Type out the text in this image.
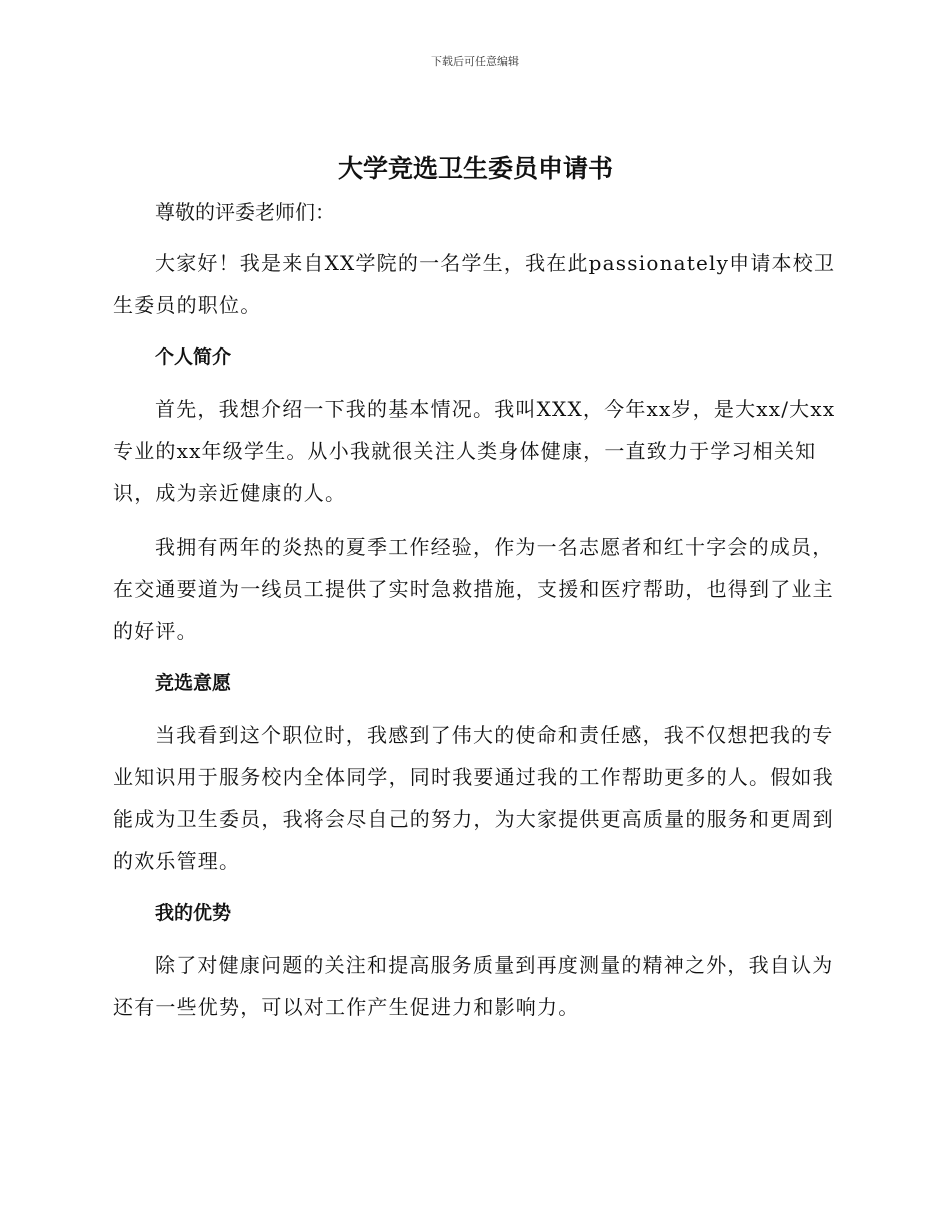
下载后可任意编辑
大学竞选卫生委员申请书

尊敬的评委老师们：

大家好！我是来自XX学院的一名学生，我在此passionately申请本校卫生委员的职位。

个人简介

首先，我想介绍一下我的基本情况。我叫XXX，今年xx岁，是大xx/大xx专业的xx年级学生。从小我就很关注人类身体健康，一直致力于学习相关知识，成为亲近健康的人。

我拥有两年的炎热的夏季工作经验，作为一名志愿者和红十字会的成员，在交通要道为一线员工提供了实时急救措施，支援和医疗帮助，也得到了业主的好评。

竞选意愿

当我看到这个职位时，我感到了伟大的使命和责任感，我不仅想把我的专业知识用于服务校内全体同学，同时我要通过我的工作帮助更多的人。假如我能成为卫生委员，我将会尽自己的努力，为大家提供更高质量的服务和更周到的欢乐管理。

我的优势

除了对健康问题的关注和提高服务质量到再度测量的精神之外，我自认为还有一些优势，可以对工作产生促进力和影响力。
